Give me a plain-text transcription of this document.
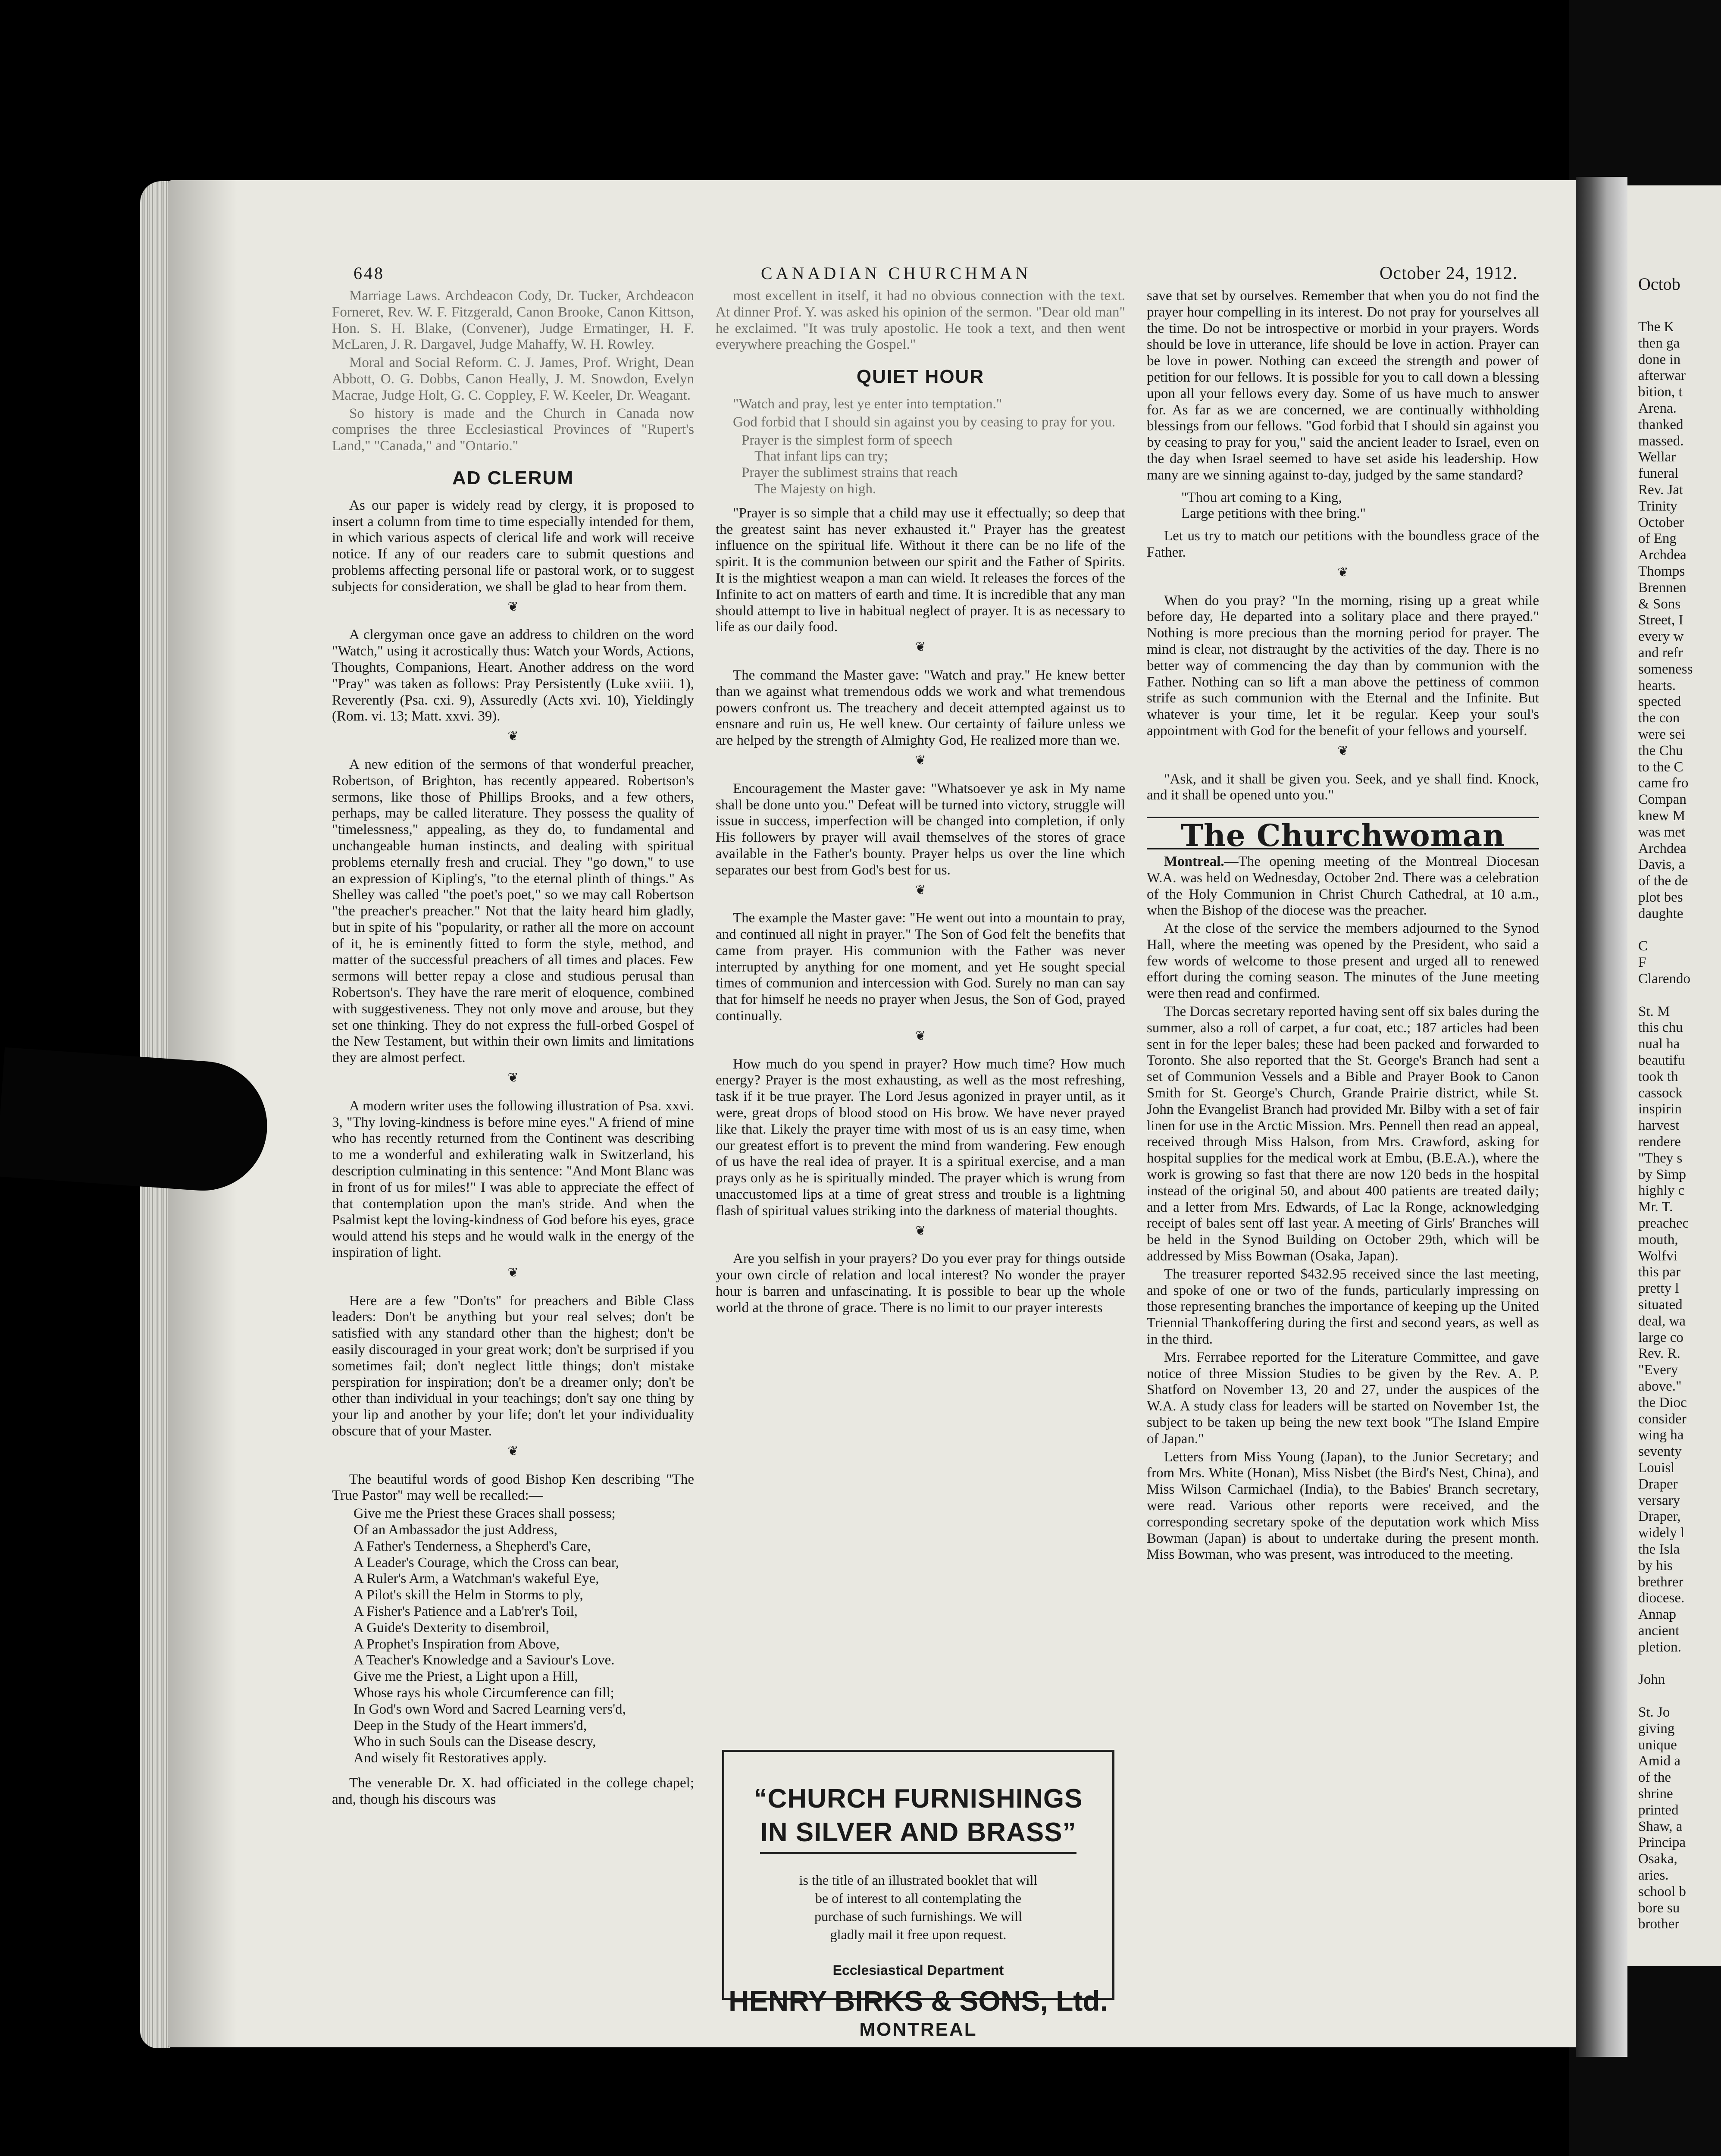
Octob
The K
then ga
done in
afterwar
bition, t
Arena.
thanked
massed.
Wellar
funeral
Rev. Jat
Trinity
October
of Eng
Archdea
Thomps
Brennen
& Sons
Street, I
every w
and refr
someness
hearts.
spected
the con
were sei
the Chu
to the C
came fro
Compan
knew M
was met
Archdea
Davis, a
of the de
plot bes
daughte
C
F
Clarendo
St. M
this chu
nual ha
beautifu
took th
cassock
inspirin
harvest
rendere
"They s
by Simp
highly c
Mr. T.
preachec
mouth,
Wolfvi
this par
pretty l
situated
deal, wa
large co
Rev. R.
"Every
above."
the Dioc
consider
wing ha
seventy
Louisl
Draper
versary
Draper,
widely l
the Isla
by his
brethrer
diocese.
Annap
ancient
pletion.
John
St. Jo
giving
unique
Amid a
of the
shrine
printed
Shaw, a
Principa
Osaka,
aries.
school b
bore su
brother
648	CANADIAN CHURCHMAN	October 24, 1912.

Marriage Laws. Archdeacon Cody, Dr. Tucker, Archdeacon Forneret, Rev. W. F. Fitzgerald, Canon Brooke, Canon Kittson, Hon. S. H. Blake, (Convener), Judge Ermatinger, H. F. McLaren, J. R. Dargavel, Judge Mahaffy, W. H. Rowley.

Moral and Social Reform. C. J. James, Prof. Wright, Dean Abbott, O. G. Dobbs, Canon Heally, J. M. Snowdon, Evelyn Macrae, Judge Holt, G. C. Coppley, F. W. Keeler, Dr. Weagant.

So history is made and the Church in Canada now comprises the three Ecclesiastical Provinces of "Rupert's Land," "Canada," and "Ontario."

AD CLERUM

As our paper is widely read by clergy, it is proposed to insert a column from time to time especially intended for them, in which various aspects of clerical life and work will receive notice. If any of our readers care to submit questions and problems affecting personal life or pastoral work, or to suggest subjects for consideration, we shall be glad to hear from them.

❦

A clergyman once gave an address to children on the word "Watch," using it acrostically thus: Watch your Words, Actions, Thoughts, Companions, Heart. Another address on the word "Pray" was taken as follows: Pray Persistently (Luke xviii. 1), Reverently (Psa. cxi. 9), Assuredly (Acts xvi. 10), Yieldingly (Rom. vi. 13; Matt. xxvi. 39).

❦

A new edition of the sermons of that wonderful preacher, Robertson, of Brighton, has recently appeared. Robertson's sermons, like those of Phillips Brooks, and a few others, perhaps, may be called literature. They possess the quality of "timelessness," appealing, as they do, to fundamental and unchangeable human instincts, and dealing with spiritual problems eternally fresh and crucial. They "go down," to use an expression of Kipling's, "to the eternal plinth of things." As Shelley was called "the poet's poet," so we may call Robertson "the preacher's preacher." Not that the laity heard him gladly, but in spite of his "popularity, or rather all the more on account of it, he is eminently fitted to form the style, method, and matter of the successful preachers of all times and places. Few sermons will better repay a close and studious perusal than Robertson's. They have the rare merit of eloquence, combined with suggestiveness. They not only move and arouse, but they set one thinking. They do not express the full-orbed Gospel of the New Testament, but within their own limits and limitations they are almost perfect.

❦

A modern writer uses the following illustration of Psa. xxvi. 3, "Thy loving-kindness is before mine eyes." A friend of mine who has recently returned from the Continent was describing to me a wonderful and exhilerating walk in Switzerland, his description culminating in this sentence: "And Mont Blanc was in front of us for miles!" I was able to appreciate the effect of that contemplation upon the man's stride. And when the Psalmist kept the loving-kindness of God before his eyes, grace would attend his steps and he would walk in the energy of the inspiration of light.

❦

Here are a few "Don'ts" for preachers and Bible Class leaders: Don't be anything but your real selves; don't be satisfied with any standard other than the highest; don't be easily discouraged in your great work; don't be surprised if you sometimes fail; don't neglect little things; don't mistake perspiration for inspiration; don't be a dreamer only; don't be other than individual in your teachings; don't say one thing by your lip and another by your life; don't let your individuality obscure that of your Master.

❦

The beautiful words of good Bishop Ken describing "The True Pastor" may well be recalled:—

Give me the Priest these Graces shall possess;
Of an Ambassador the just Address,
A Father's Tenderness, a Shepherd's Care,
A Leader's Courage, which the Cross can bear,
A Ruler's Arm, a Watchman's wakeful Eye,
A Pilot's skill the Helm in Storms to ply,
A Fisher's Patience and a Lab'rer's Toil,
A Guide's Dexterity to disembroil,
A Prophet's Inspiration from Above,
A Teacher's Knowledge and a Saviour's Love.
Give me the Priest, a Light upon a Hill,
Whose rays his whole Circumference can fill;
In God's own Word and Sacred Learning vers'd,
Deep in the Study of the Heart immers'd,
Who in such Souls can the Disease descry,
And wisely fit Restoratives apply.

The venerable Dr. X. had officiated in the college chapel; and, though his discours was

most excellent in itself, it had no obvious connection with the text. At dinner Prof. Y. was asked his opinion of the sermon. "Dear old man" he exclaimed. "It was truly apostolic. He took a text, and then went everywhere preaching the Gospel."

QUIET HOUR

"Watch and pray, lest ye enter into temptation."

God forbid that I should sin against you by ceasing to pray for you.

Prayer is the simplest form of speech
That infant lips can try;
Prayer the sublimest strains that reach
The Majesty on high.

"Prayer is so simple that a child may use it effectually; so deep that the greatest saint has never exhausted it." Prayer has the greatest influence on the spiritual life. Without it there can be no life of the spirit. It is the communion between our spirit and the Father of Spirits. It is the mightiest weapon a man can wield. It releases the forces of the Infinite to act on matters of earth and time. It is incredible that any man should attempt to live in habitual neglect of prayer. It is as necessary to life as our daily food.

❦

The command the Master gave: "Watch and pray." He knew better than we against what tremendous odds we work and what tremendous powers confront us. The treachery and deceit attempted against us to ensnare and ruin us, He well knew. Our certainty of failure unless we are helped by the strength of Almighty God, He realized more than we.

❦

Encouragement the Master gave: "Whatsoever ye ask in My name shall be done unto you." Defeat will be turned into victory, struggle will issue in success, imperfection will be changed into completion, if only His followers by prayer will avail themselves of the stores of grace available in the Father's bounty. Prayer helps us over the line which separates our best from God's best for us.

❦

The example the Master gave: "He went out into a mountain to pray, and continued all night in prayer." The Son of God felt the benefits that came from prayer. His communion with the Father was never interrupted by anything for one moment, and yet He sought special times of communion and intercession with God. Surely no man can say that for himself he needs no prayer when Jesus, the Son of God, prayed continually.

❦

How much do you spend in prayer? How much time? How much energy? Prayer is the most exhausting, as well as the most refreshing, task if it be true prayer. The Lord Jesus agonized in prayer until, as it were, great drops of blood stood on His brow. We have never prayed like that. Likely the prayer time with most of us is an easy time, when our greatest effort is to prevent the mind from wandering. Few enough of us have the real idea of prayer. It is a spiritual exercise, and a man prays only as he is spiritually minded. The prayer which is wrung from unaccustomed lips at a time of great stress and trouble is a lightning flash of spiritual values striking into the darkness of material thoughts.

❦

Are you selfish in your prayers? Do you ever pray for things outside your own circle of relation and local interest? No wonder the prayer hour is barren and unfascinating. It is possible to bear up the whole world at the throne of grace. There is no limit to our prayer interests

“CHURCH FURNISHINGS
IN SILVER AND BRASS”
is the title of an illustrated booklet that will be of interest to all contemplating the purchase of such furnishings. We will gladly mail it free upon request.
Ecclesiastical Department
HENRY BIRKS & SONS, Ltd.
MONTREAL

save that set by ourselves. Remember that when you do not find the prayer hour compelling in its interest. Do not pray for yourselves all the time. Do not be introspective or morbid in your prayers. Words should be love in utterance, life should be love in action. Prayer can be love in power. Nothing can exceed the strength and power of petition for our fellows. It is possible for you to call down a blessing upon all your fellows every day. Some of us have much to answer for. As far as we are concerned, we are continually withholding blessings from our fellows. "God forbid that I should sin against you by ceasing to pray for you," said the ancient leader to Israel, even on the day when Israel seemed to have set aside his leadership. How many are we sinning against to-day, judged by the same standard?

"Thou art coming to a King,
Large petitions with thee bring."

Let us try to match our petitions with the boundless grace of the Father.

❦

When do you pray? "In the morning, rising up a great while before day, He departed into a solitary place and there prayed." Nothing is more precious than the morning period for prayer. The mind is clear, not distraught by the activities of the day. There is no better way of commencing the day than by communion with the Father. Nothing can so lift a man above the pettiness of common strife as such communion with the Eternal and the Infinite. But whatever is your time, let it be regular. Keep your soul's appointment with God for the benefit of your fellows and yourself.

❦

"Ask, and it shall be given you. Seek, and ye shall find. Knock, and it shall be opened unto you."

The Churchwoman

Montreal.—The opening meeting of the Montreal Diocesan W.A. was held on Wednesday, October 2nd. There was a celebration of the Holy Communion in Christ Church Cathedral, at 10 a.m., when the Bishop of the diocese was the preacher.

At the close of the service the members adjourned to the Synod Hall, where the meeting was opened by the President, who said a few words of welcome to those present and urged all to renewed effort during the coming season. The minutes of the June meeting were then read and confirmed.

The Dorcas secretary reported having sent off six bales during the summer, also a roll of carpet, a fur coat, etc.; 187 articles had been sent in for the leper bales; these had been packed and forwarded to Toronto. She also reported that the St. George's Branch had sent a set of Communion Vessels and a Bible and Prayer Book to Canon Smith for St. George's Church, Grande Prairie district, while St. John the Evangelist Branch had provided Mr. Bilby with a set of fair linen for use in the Arctic Mission. Mrs. Pennell then read an appeal, received through Miss Halson, from Mrs. Crawford, asking for hospital supplies for the medical work at Embu, (B.E.A.), where the work is growing so fast that there are now 120 beds in the hospital instead of the original 50, and about 400 patients are treated daily; and a letter from Mrs. Edwards, of Lac la Ronge, acknowledging receipt of bales sent off last year. A meeting of Girls' Branches will be held in the Synod Building on October 29th, which will be addressed by Miss Bowman (Osaka, Japan).

The treasurer reported $432.95 received since the last meeting, and spoke of one or two of the funds, particularly impressing on those representing branches the importance of keeping up the United Triennial Thankoffering during the first and second years, as well as in the third.

Mrs. Ferrabee reported for the Literature Committee, and gave notice of three Mission Studies to be given by the Rev. A. P. Shatford on November 13, 20 and 27, under the auspices of the W.A. A study class for leaders will be started on November 1st, the subject to be taken up being the new text book "The Island Empire of Japan."

Letters from Miss Young (Japan), to the Junior Secretary; and from Mrs. White (Honan), Miss Nisbet (the Bird's Nest, China), and Miss Wilson Carmichael (India), to the Babies' Branch secretary, were read. Various other reports were received, and the corresponding secretary spoke of the deputation work which Miss Bowman (Japan) is about to undertake during the present month. Miss Bowman, who was present, was introduced to the meeting.
